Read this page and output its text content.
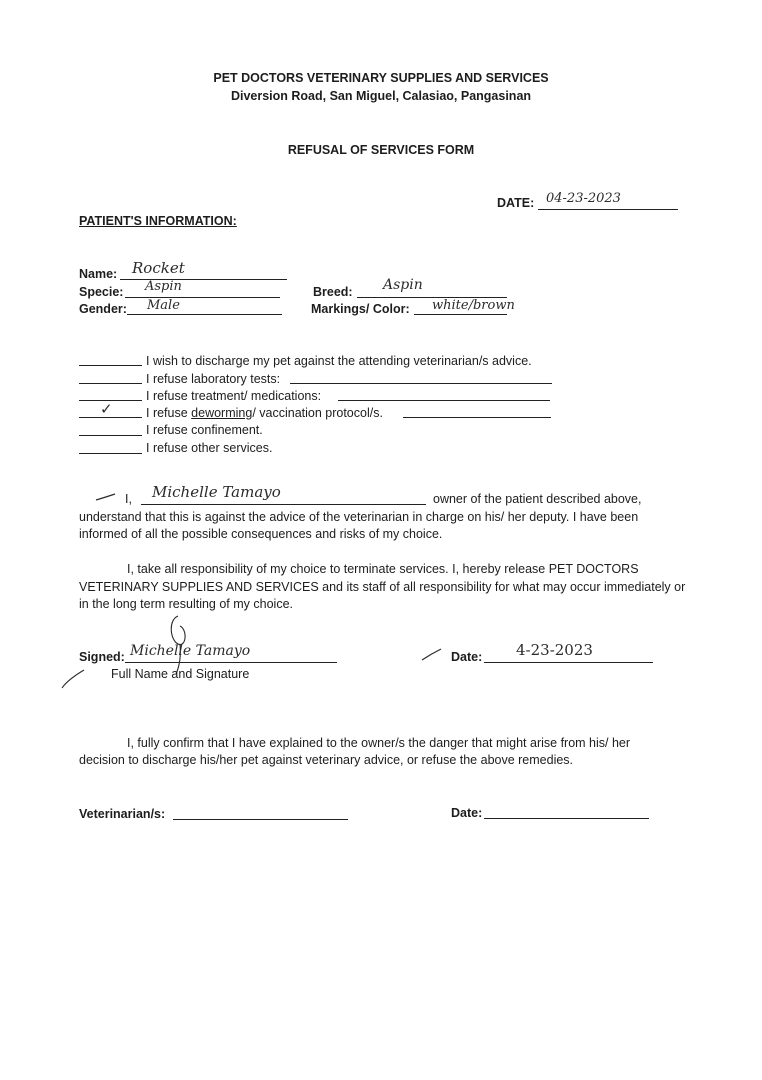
PET DOCTORS VETERINARY SUPPLIES AND SERVICES
Diversion Road, San Miguel, Calasiao, Pangasinan
REFUSAL OF SERVICES FORM
DATE: 04-23-2023
PATIENT'S INFORMATION:
Name: Rocket
Specie: Aspin
Gender: Male
Breed: Aspin
Markings/ Color: white/brown
I wish to discharge my pet against the attending veterinarian/s advice.
I refuse laboratory tests:
I refuse treatment/ medications:
✓	I refuse deworming/ vaccination protocol/s.
I refuse confinement.
I refuse other services.
I, Michelle Tamayo	owner of the patient described above,
understand that this is against the advice of the veterinarian in charge on his/ her deputy. I have been
informed of all the possible consequences and risks of my choice.
I, take all responsibility of my choice to terminate services. I, hereby release PET DOCTORS
VETERINARY SUPPLIES AND SERVICES and its staff of all responsibility for what may occur immediately or
in the long term resulting of my choice.
Signed: Michelle Tamayo
Full Name and Signature
Date: 4-23-2023
I, fully confirm that I have explained to the owner/s the danger that might arise from his/ her
decision to discharge his/her pet against veterinary advice, or refuse the above remedies.
Veterinarian/s:	Date:
